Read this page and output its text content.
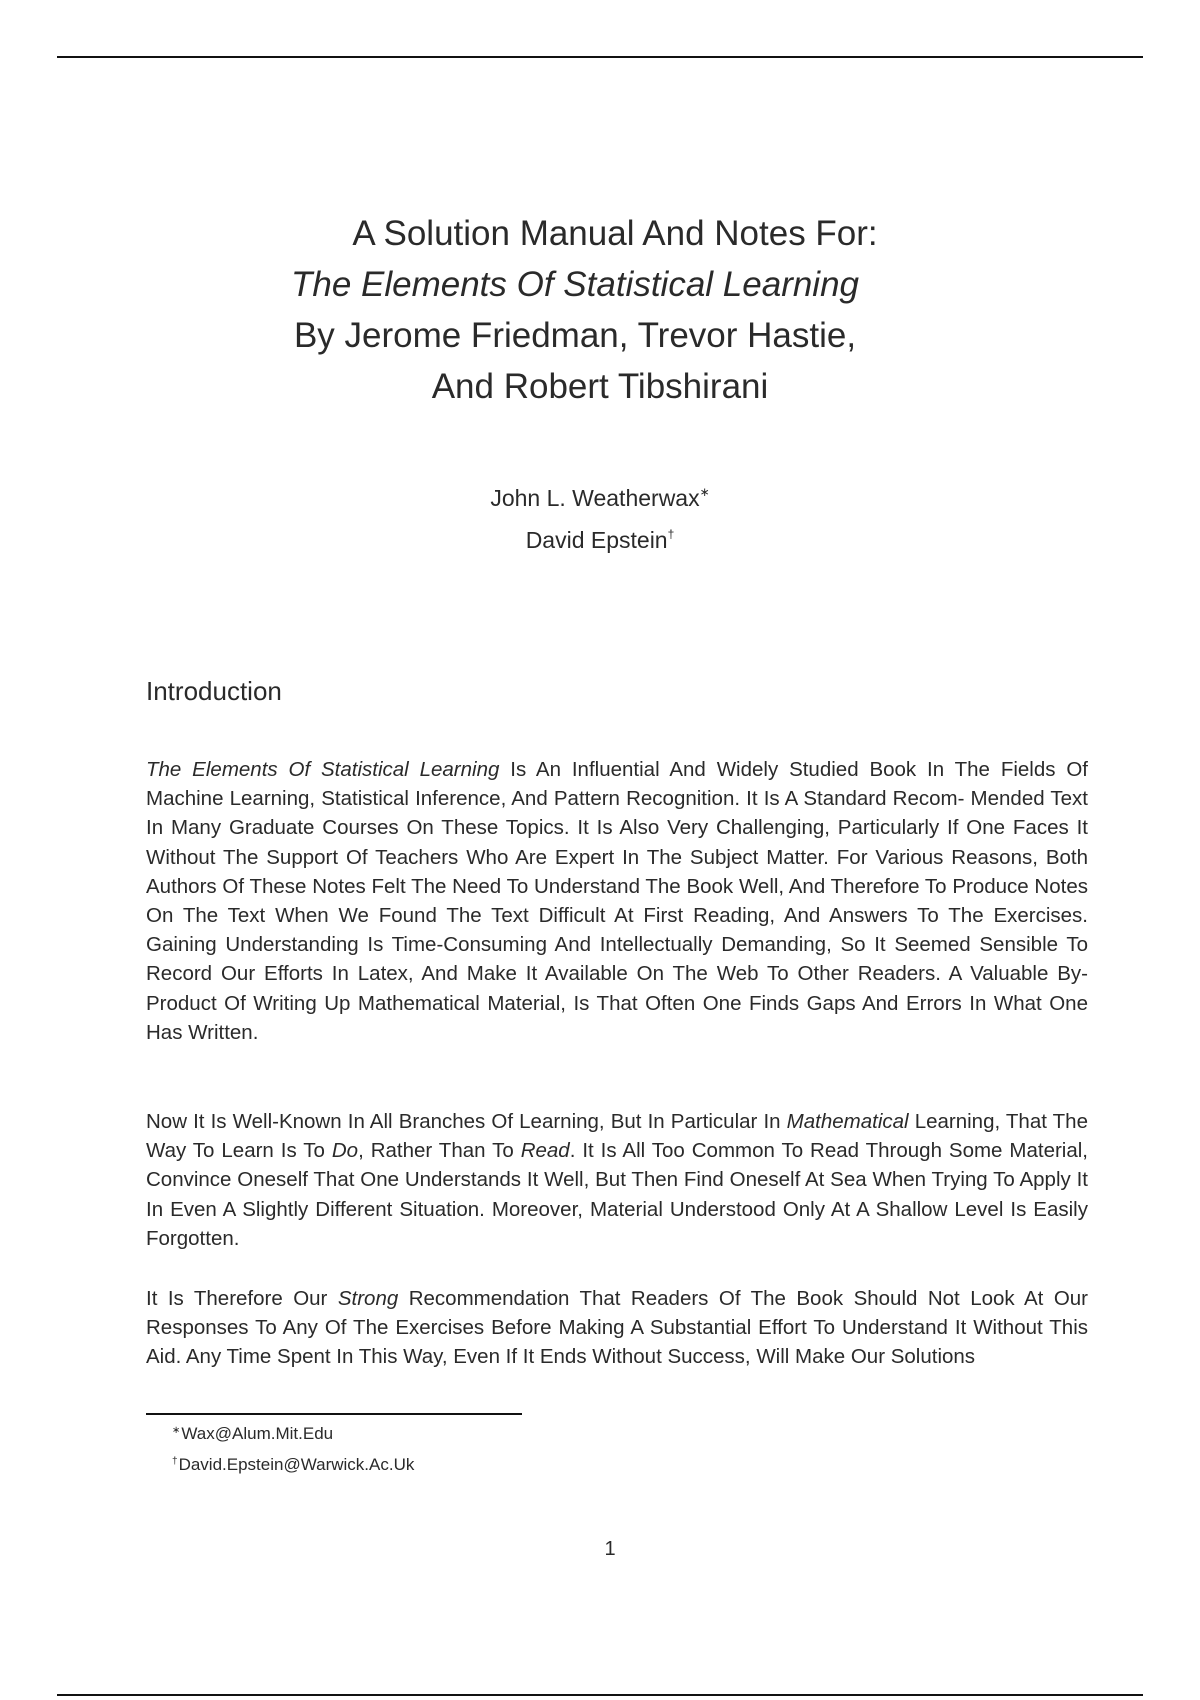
A Solution Manual And Notes For:
The Elements Of Statistical Learning
By Jerome Friedman, Trevor Hastie,
And Robert Tibshirani
John L. Weatherwax∗
David Epstein†
Introduction

The Elements Of Statistical Learning Is An Influential And Widely Studied Book In The Fields Of Machine Learning, Statistical Inference, And Pattern Recognition. It Is A Standard Recom- Mended Text In Many Graduate Courses On These Topics. It Is Also Very Challenging, Particularly If One Faces It Without The Support Of Teachers Who Are Expert In The Subject Matter. For Various Reasons, Both Authors Of These Notes Felt The Need To Understand The Book Well, And Therefore To Produce Notes On The Text When We Found The Text Difficult At First Reading, And Answers To The Exercises. Gaining Understanding Is Time-Consuming And Intellectually Demanding, So It Seemed Sensible To Record Our Efforts In Latex, And Make It Available On The Web To Other Readers. A Valuable By-Product Of Writing Up Mathematical Material, Is That Often One Finds Gaps And Errors In What One Has Written.

Now It Is Well-Known In All Branches Of Learning, But In Particular In Mathematical Learning, That The Way To Learn Is To Do, Rather Than To Read. It Is All Too Common To Read Through Some Material, Convince Oneself That One Understands It Well, But Then Find Oneself At Sea When Trying To Apply It In Even A Slightly Different Situation. Moreover, Material Understood Only At A Shallow Level Is Easily Forgotten.

It Is Therefore Our Strong Recommendation That Readers Of The Book Should Not Look At Our Responses To Any Of The Exercises Before Making A Substantial Effort To Understand It Without This Aid. Any Time Spent In This Way, Even If It Ends Without Success, Will Make Our Solutions

∗Wax@Alum.Mit.Edu
†David.Epstein@Warwick.Ac.Uk
1
